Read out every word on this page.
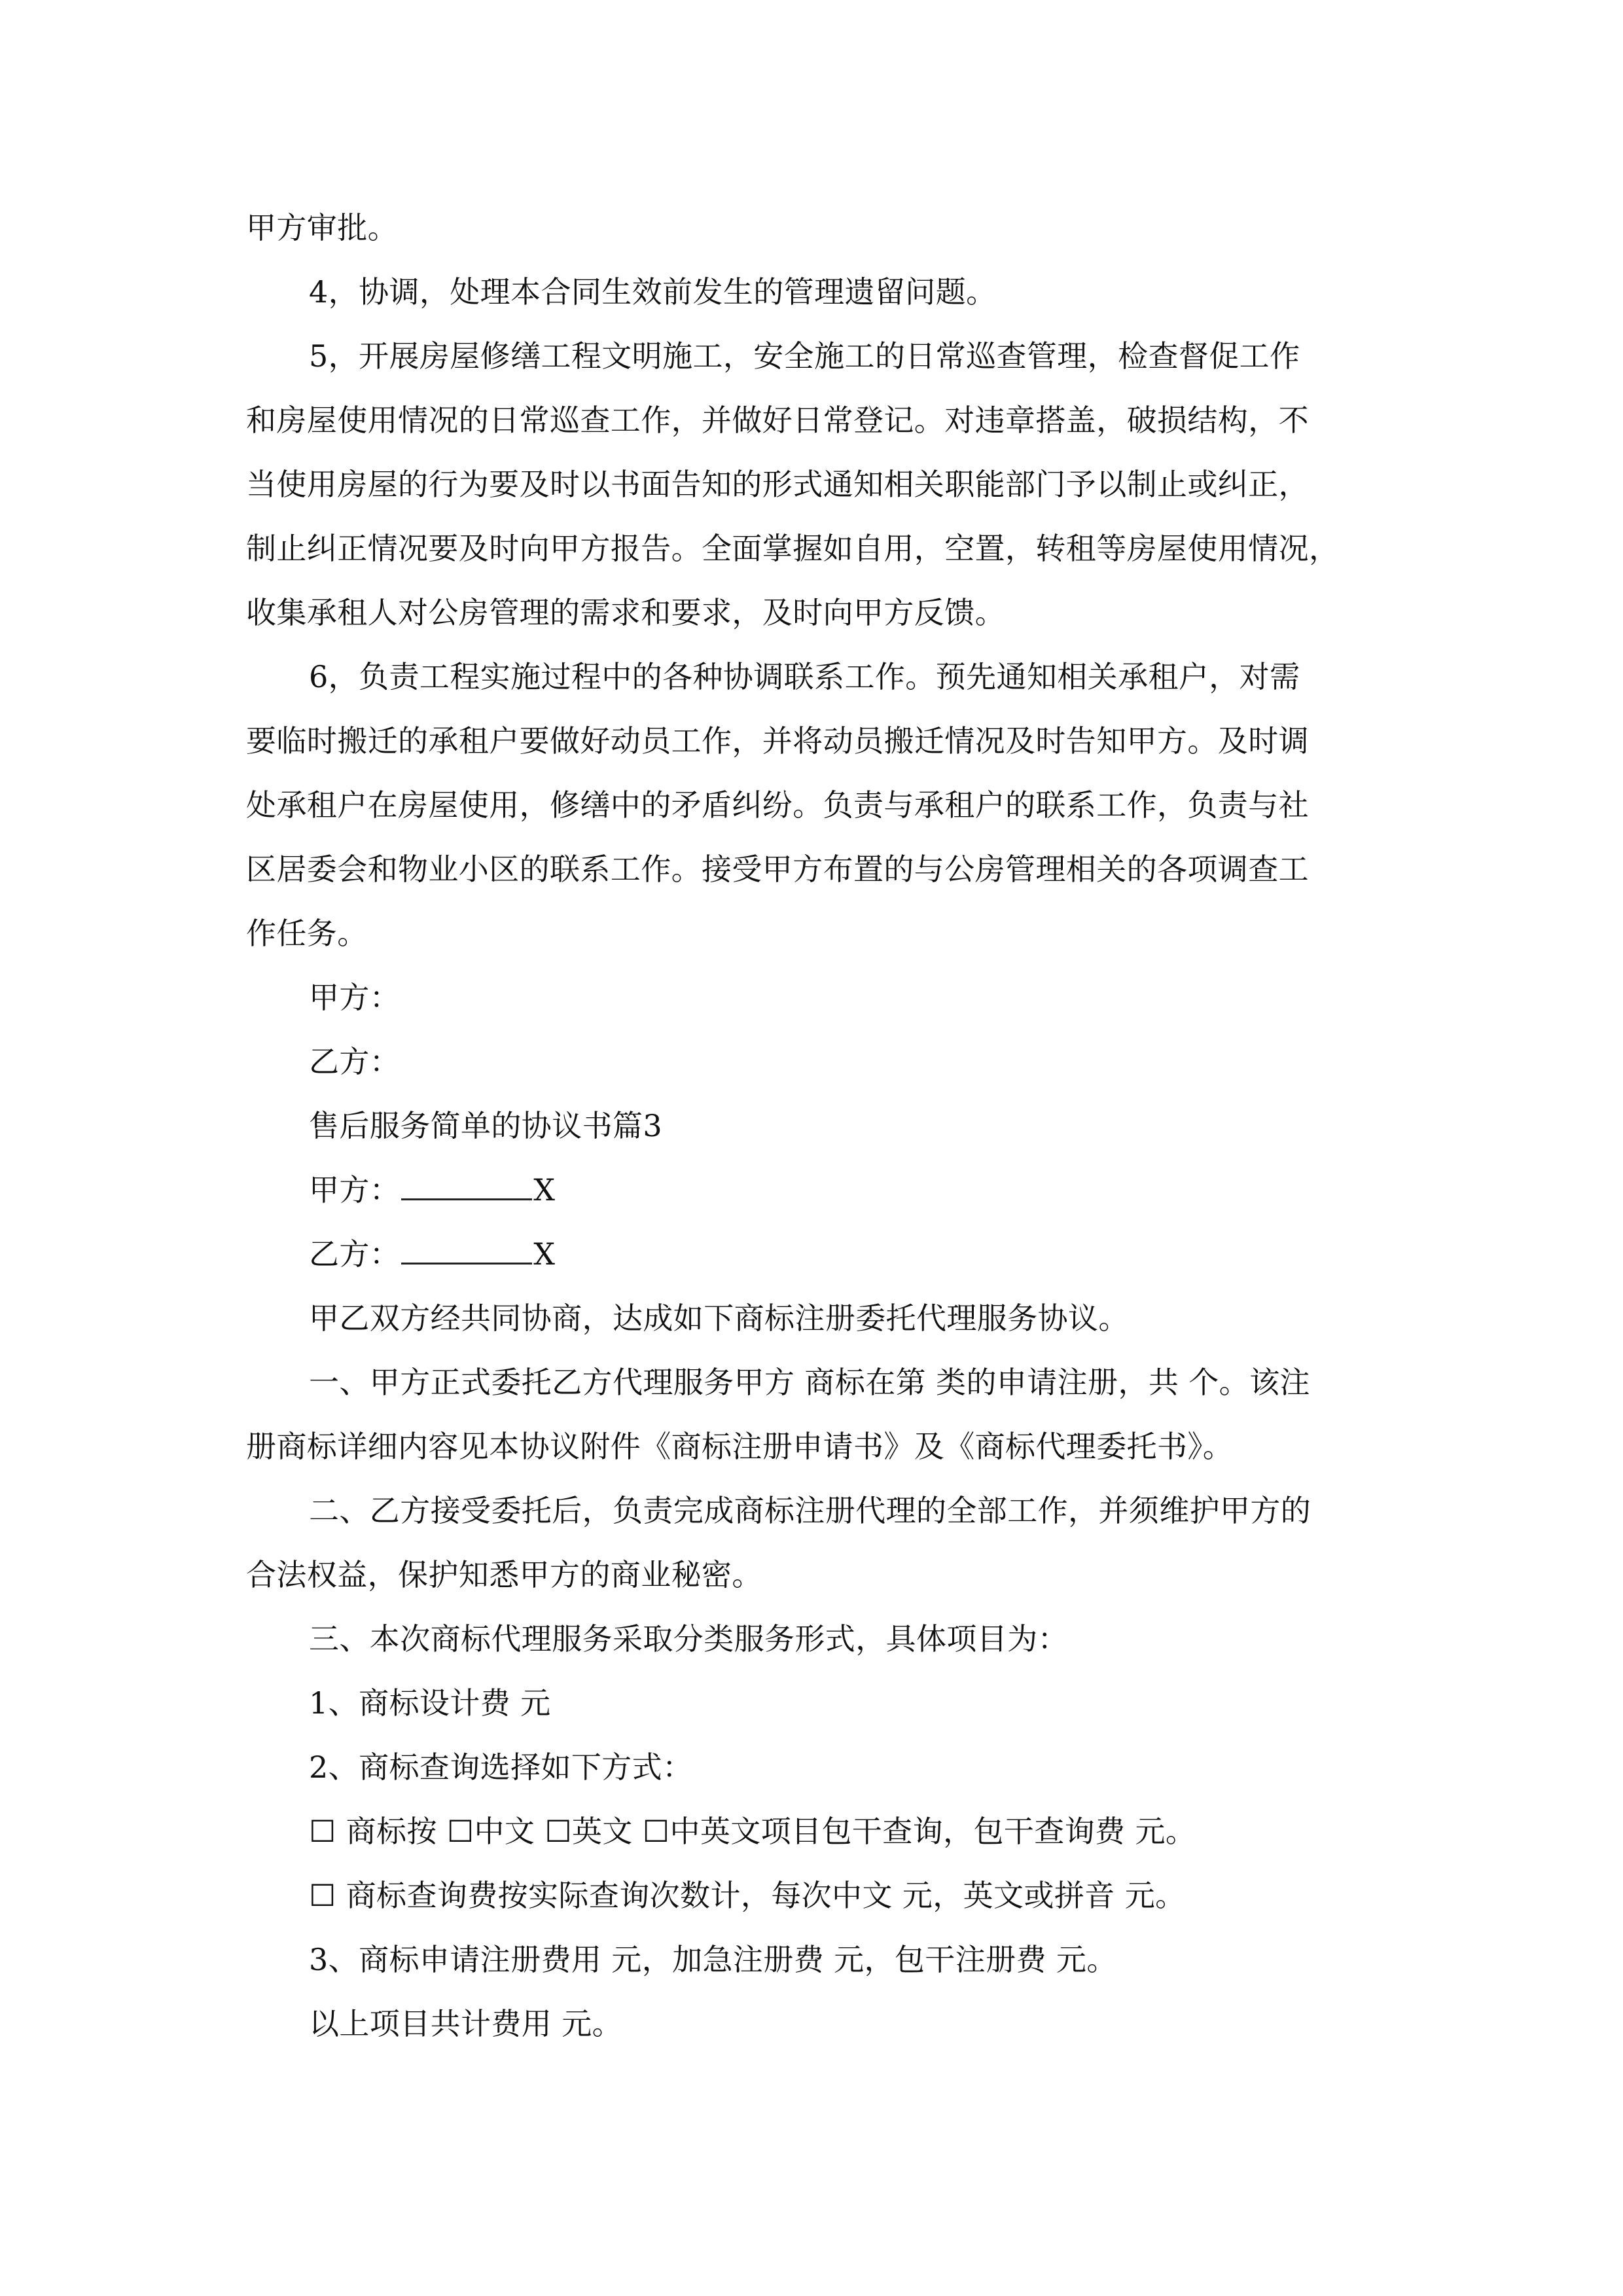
甲方审批。
4，协调，处理本合同生效前发生的管理遗留问题。
5，开展房屋修缮工程文明施工，安全施工的日常巡查管理，检查督促工作
和房屋使用情况的日常巡查工作，并做好日常登记。对违章搭盖，破损结构，不
当使用房屋的行为要及时以书面告知的形式通知相关职能部门予以制止或纠正，
制止纠正情况要及时向甲方报告。全面掌握如自用，空置，转租等房屋使用情况，
收集承租人对公房管理的需求和要求，及时向甲方反馈。
6，负责工程实施过程中的各种协调联系工作。预先通知相关承租户，对需
要临时搬迁的承租户要做好动员工作，并将动员搬迁情况及时告知甲方。及时调
处承租户在房屋使用，修缮中的矛盾纠纷。负责与承租户的联系工作，负责与社
区居委会和物业小区的联系工作。接受甲方布置的与公房管理相关的各项调查工
作任务。
甲方：
乙方：
售后服务简单的协议书篇3
甲方：	X
乙方：	X
甲乙双方经共同协商，达成如下商标注册委托代理服务协议。
一、甲方正式委托乙方代理服务甲方 商标在第 类的申请注册，共 个。该注
册商标详细内容见本协议附件《商标注册申请书》及《商标代理委托书》。
二、乙方接受委托后，负责完成商标注册代理的全部工作，并须维护甲方的
合法权益，保护知悉甲方的商业秘密。
三、本次商标代理服务采取分类服务形式，具体项目为：
1、商标设计费 元
2、商标查询选择如下方式：
☐ 商标按 ☐中文 ☐英文 ☐中英文项目包干查询，包干查询费 元。
☐ 商标查询费按实际查询次数计，每次中文 元，英文或拼音 元。
3、商标申请注册费用 元，加急注册费 元，包干注册费 元。
以上项目共计费用 元。
